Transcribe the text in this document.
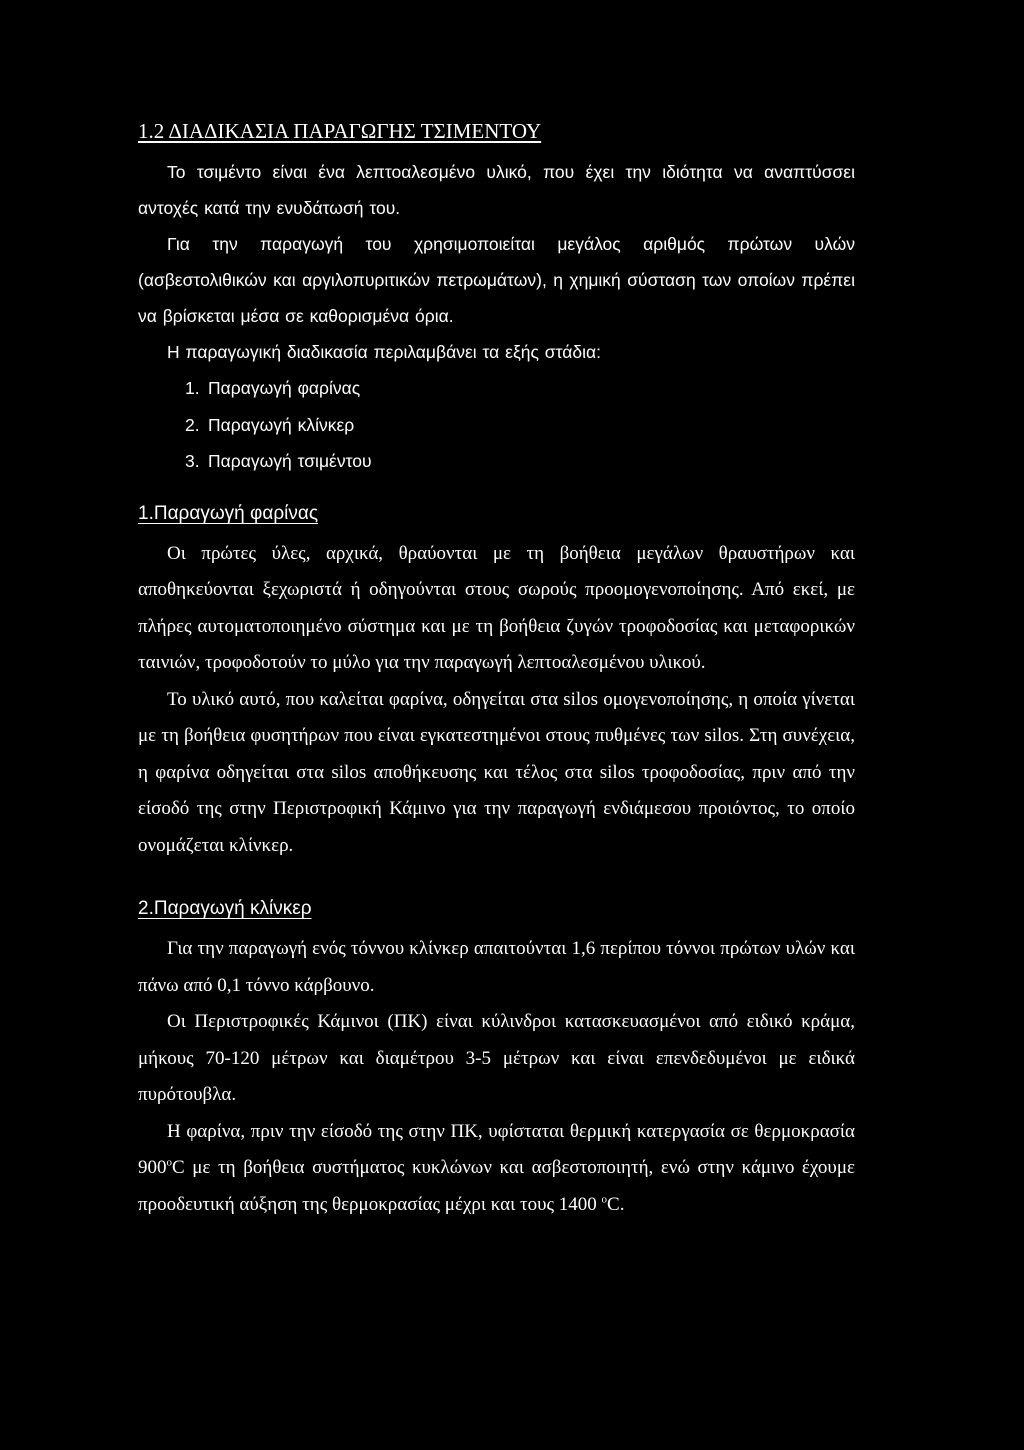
1.2 ΔΙΑΔΙΚΑΣΙΑ ΠΑΡΑΓΩΓΗΣ ΤΣΙΜΕΝΤΟΥ

Το τσιμέντο είναι ένα λεπτοαλεσμένο υλικό, που έχει την ιδιότητα να αναπτύσσει αντοχές κατά την ενυδάτωσή του.

Για την παραγωγή του χρησιμοποιείται μεγάλος αριθμός πρώτων υλών (ασβεστολιθικών και αργιλοπυριτικών πετρωμάτων), η χημική σύσταση των οποίων πρέπει να βρίσκεται μέσα σε καθορισμένα όρια.

Η παραγωγική διαδικασία περιλαμβάνει τα εξής στάδια:

1. Παραγωγή φαρίνας
2. Παραγωγή κλίνκερ
3. Παραγωγή τσιμέντου
1.Παραγωγή φαρίνας

Οι πρώτες ύλες, αρχικά, θραύονται με τη βοήθεια μεγάλων θραυστήρων και αποθηκεύονται ξεχωριστά ή οδηγούνται στους σωρούς προομογενοποίησης. Από εκεί, με πλήρες αυτοματοποιημένο σύστημα και με τη βοήθεια ζυγών τροφοδοσίας και μεταφορικών ταινιών, τροφοδοτούν το μύλο για την παραγωγή λεπτοαλεσμένου υλικού.

Το υλικό αυτό, που καλείται φαρίνα, οδηγείται στα silos ομογενοποίησης, η οποία γίνεται με τη βοήθεια φυσητήρων που είναι εγκατεστημένοι στους πυθμένες των silos. Στη συνέχεια, η φαρίνα οδηγείται στα silos αποθήκευσης και τέλος στα silos τροφοδοσίας, πριν από την είσοδό της στην Περιστροφική Κάμινο για την παραγωγή ενδιάμεσου προιόντος, το οποίο ονομάζεται κλίνκερ.

2.Παραγωγή κλίνκερ

Για την παραγωγή ενός τόννου κλίνκερ απαιτούνται 1,6 περίπου τόννοι πρώτων υλών και πάνω από 0,1 τόννο κάρβουνο.

Οι Περιστροφικές Κάμινοι (ΠΚ) είναι κύλινδροι κατασκευασμένοι από ειδικό κράμα, μήκους 70-120 μέτρων και διαμέτρου 3-5 μέτρων και είναι επενδεδυμένοι με ειδικά πυρότουβλα.

Η φαρίνα, πριν την είσοδό της στην ΠΚ, υφίσταται θερμική κατεργασία σε θερμοκρασία $900^oC$ με τη βοήθεια συστήματος κυκλώνων και ασβεστοποιητή, ενώ στην κάμινο έχουμε προοδευτική αύξηση της θερμοκρασίας μέχρι και τους 1400 $^o$C.
